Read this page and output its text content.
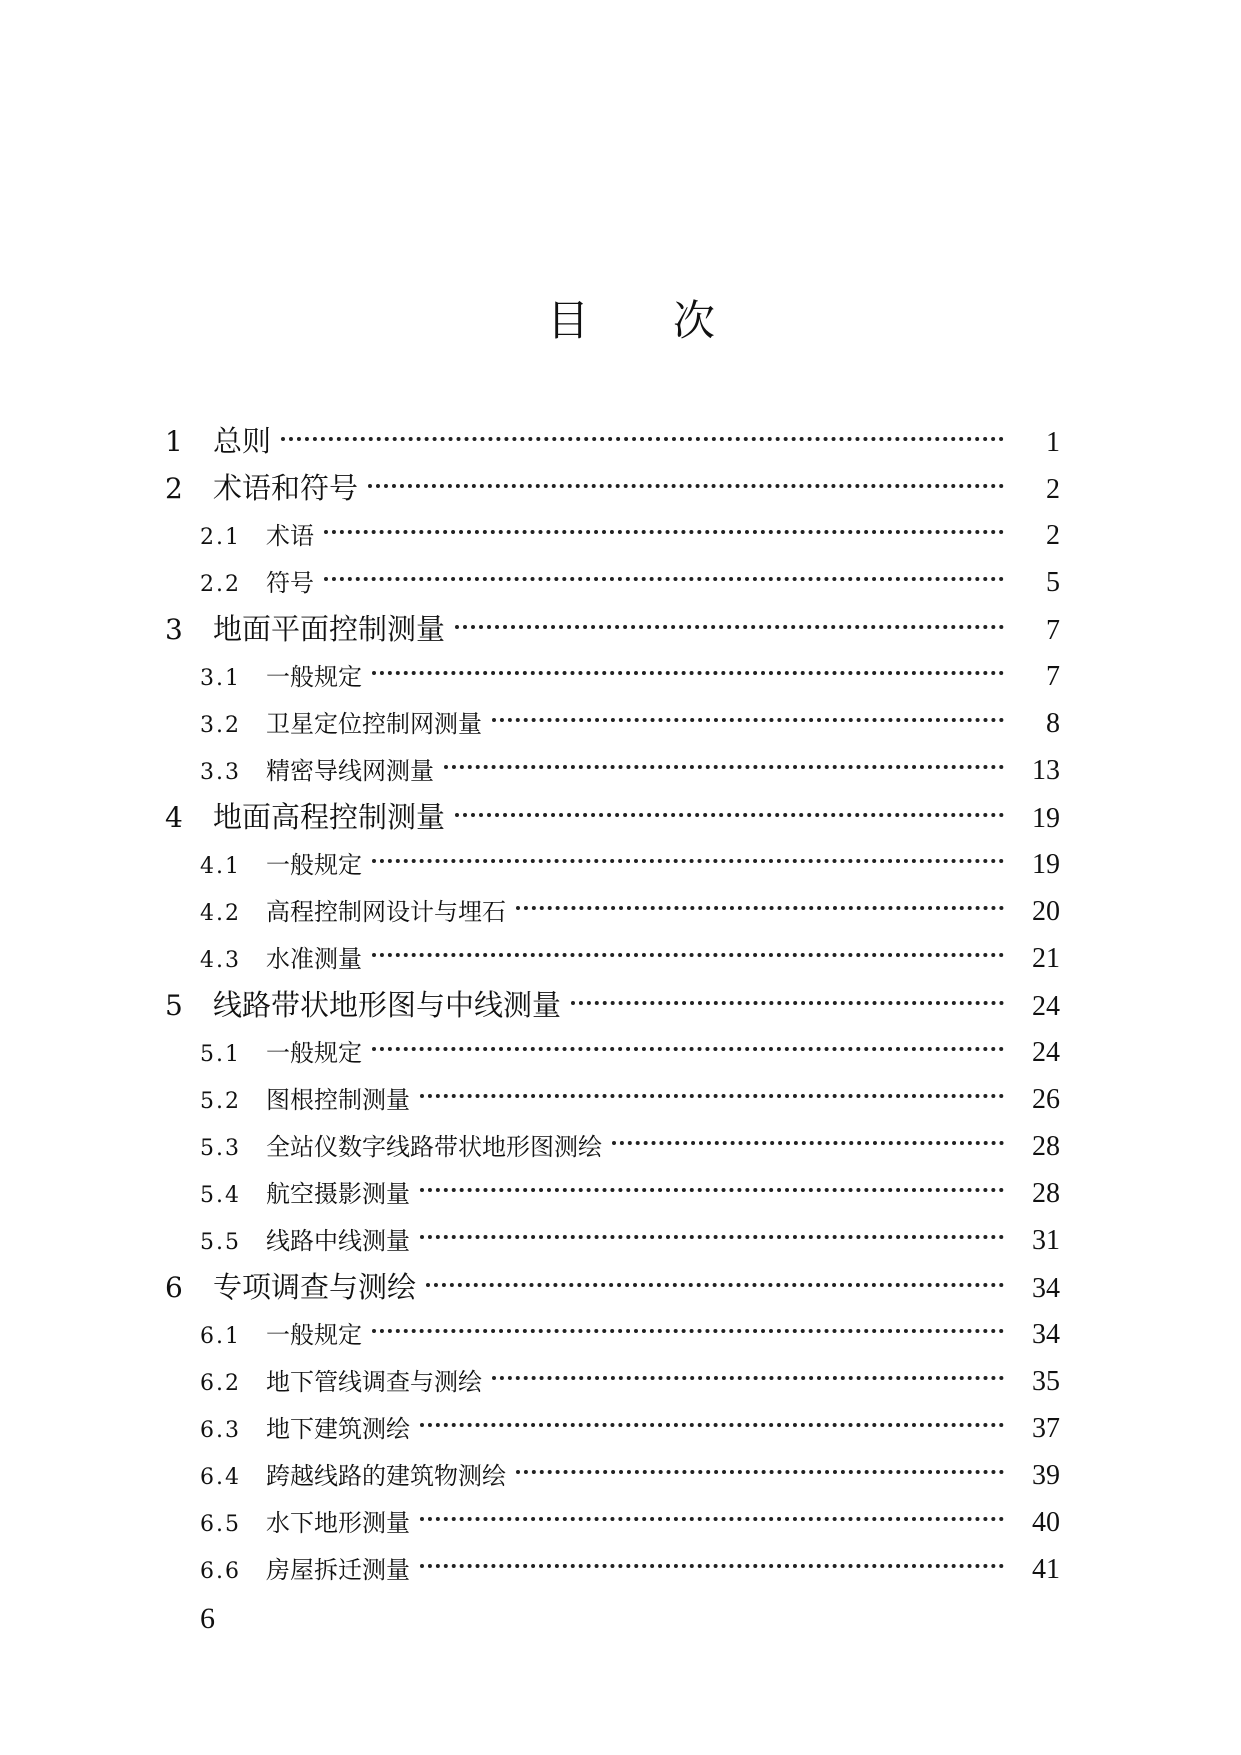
目　次
1	总则	1
2	术语和符号	2
2.1	术语	2
2.2	符号	5
3	地面平面控制测量	7
3.1	一般规定	7
3.2	卫星定位控制网测量	8
3.3	精密导线网测量	13
4	地面高程控制测量	19
4.1	一般规定	19
4.2	高程控制网设计与埋石	20
4.3	水准测量	21
5	线路带状地形图与中线测量	24
5.1	一般规定	24
5.2	图根控制测量	26
5.3	全站仪数字线路带状地形图测绘	28
5.4	航空摄影测量	28
5.5	线路中线测量	31
6	专项调查与测绘	34
6.1	一般规定	34
6.2	地下管线调查与测绘	35
6.3	地下建筑测绘	37
6.4	跨越线路的建筑物测绘	39
6.5	水下地形测量	40
6.6	房屋拆迁测量	41
6
